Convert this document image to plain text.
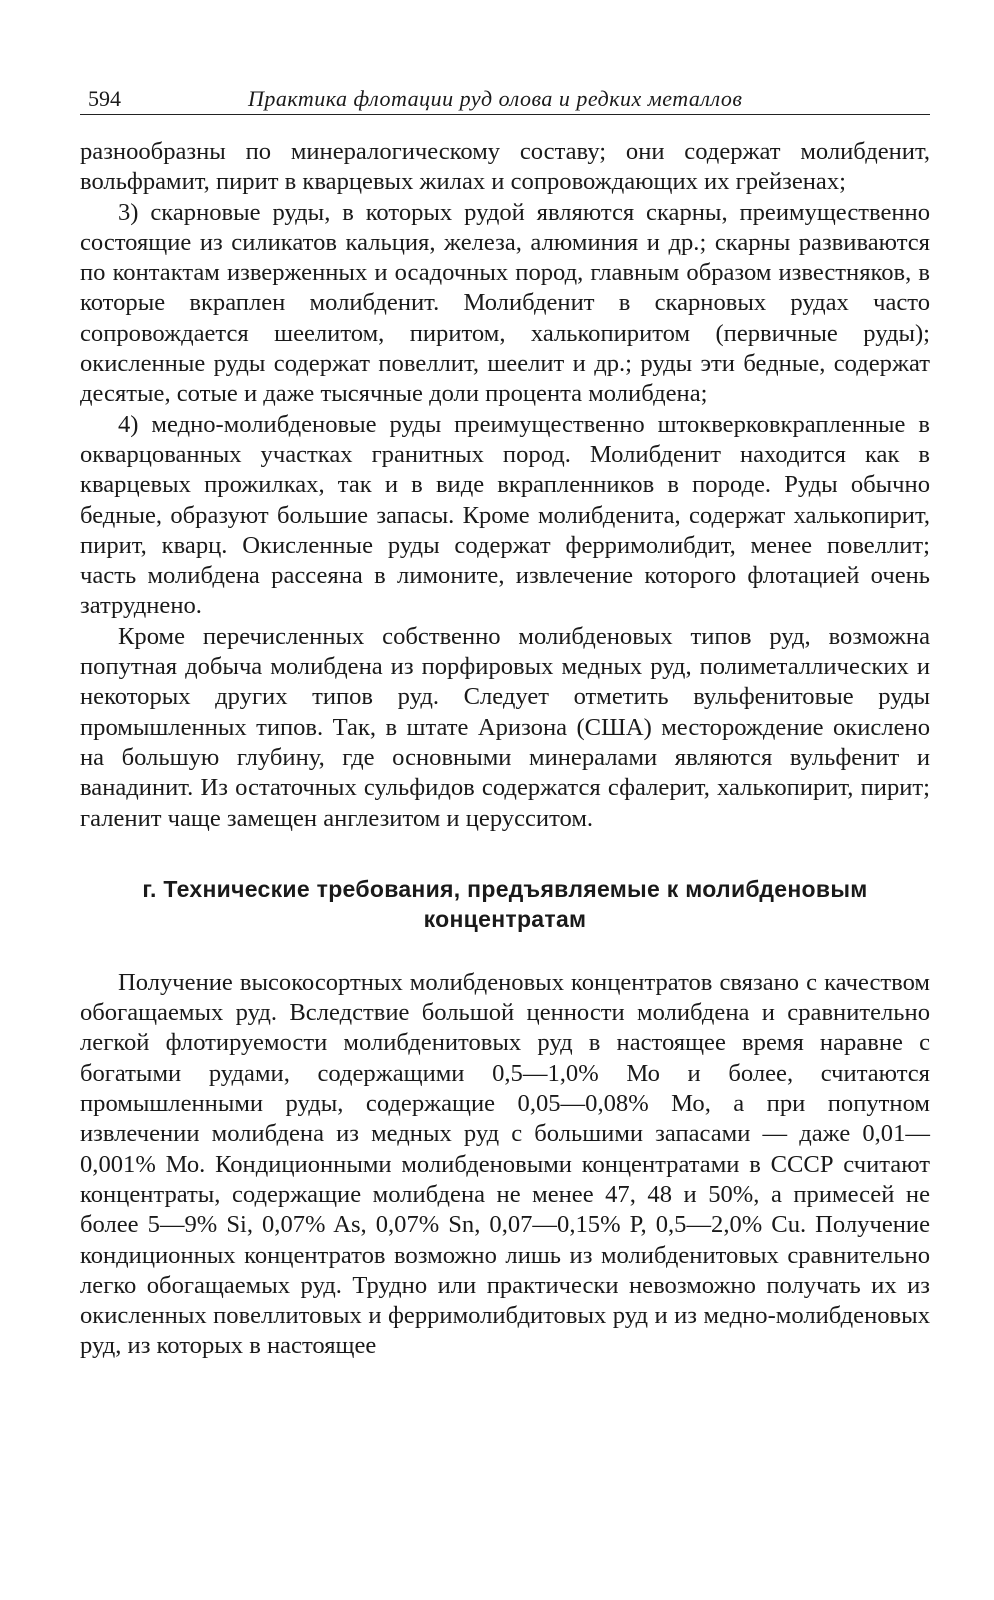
594	Практика флотации руд олова и редких металлов

разнообразны по минералогическому составу; они содержат молибденит, вольфрамит, пирит в кварцевых жилах и сопровождающих их грейзенах;

3) скарновые руды, в которых рудой являются скарны, преимущественно состоящие из силикатов кальция, железа, алюминия и др.; скарны развиваются по контактам изверженных и осадочных пород, главным образом известняков, в которые вкраплен молибденит. Молибденит в скарновых рудах часто сопровождается шеелитом, пиритом, халькопиритом (первичные руды); окисленные руды содержат повеллит, шеелит и др.; руды эти бедные, содержат десятые, сотые и даже тысячные доли процента молибдена;

4) медно-молибденовые руды преимущественно штокверковкрапленные в окварцованных участках гранитных пород. Молибденит находится как в кварцевых прожилках, так и в виде вкрапленников в породе. Руды обычно бедные, образуют большие запасы. Кроме молибденита, содержат халькопирит, пирит, кварц. Окисленные руды содержат ферримолибдит, менее повеллит; часть молибдена рассеяна в лимоните, извлечение которого флотацией очень затруднено.

Кроме перечисленных собственно молибденовых типов руд, возможна попутная добыча молибдена из порфировых медных руд, полиметаллических и некоторых других типов руд. Следует отметить вульфенитовые руды промышленных типов. Так, в штате Аризона (США) месторождение окислено на большую глубину, где основными минералами являются вульфенит и ванадинит. Из остаточных сульфидов содержатся сфалерит, халькопирит, пирит; галенит чаще замещен англезитом и церусситом.

г. Технические требования, предъявляемые к молибденовым
концентратам

Получение высокосортных молибденовых концентратов связано с качеством обогащаемых руд. Вследствие большой ценности молибдена и сравнительно легкой флотируемости молибденитовых руд в настоящее время наравне с богатыми рудами, содержащими 0,5—1,0% Мо и более, считаются промышленными руды, содержащие 0,05—0,08% Мо, а при попутном извлечении молибдена из медных руд с большими запасами — даже 0,01—0,001% Мо. Кондиционными молибденовыми концентратами в СССР считают концентраты, содержащие молибдена не менее 47, 48 и 50%, а примесей не более 5—9% Si, 0,07% As, 0,07% Sn, 0,07—0,15% P, 0,5—2,0% Cu. Получение кондиционных концентратов возможно лишь из молибденитовых сравнительно легко обогащаемых руд. Трудно или практически невозможно получать их из окисленных повеллитовых и ферримолибдитовых руд и из медно-молибденовых руд, из которых в настоящее
